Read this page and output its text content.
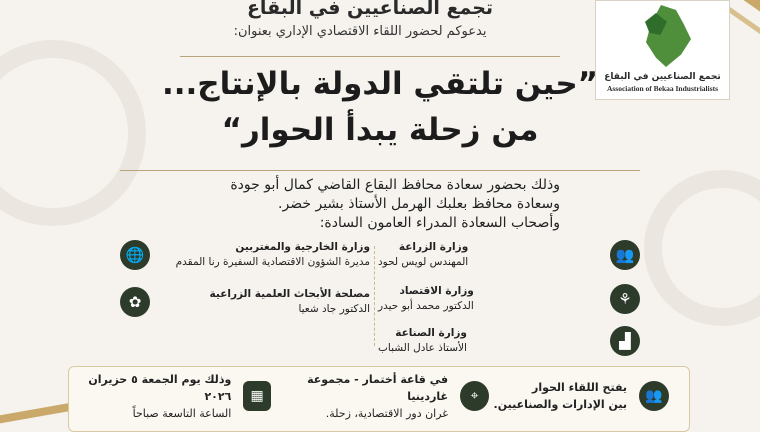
تجمع الصناعيين في البقاع
Association of Bekaa Industrialists
تجمع الصناعيين في البقاع
يدعوكم لحضور اللقاء الاقتصادي الإداري بعنوان:
”حين تلتقي الدولة بالإنتاج...
من زحلة يبدأ الحوار“
وذلك بحضور سعادة محافظ البقاع القاضي كمال أبو جودة
وسعادة محافظ بعلبك الهرمل الأستاذ بشير خضر.
وأصحاب السعادة المدراء العامون السادة:
وزارة الزراعة
المهندس لويس لحود	👥
وزارة الاقتصاد
الدكتور محمد أبو حيدر	⚘
وزارة الصناعة
الأستاذ عادل الشباب	▟
🌐	وزارة الخارجية والمغتربين
مديرة الشؤون الاقتصادية السفيرة رنا المقدم
✿	مصلحة الأبحاث العلمية الزراعية
الدكتور جاد شعيا
👥
يفتح اللقاء الحوار
بين الإدارات والصناعيين.
⌖
في قاعة أختمار - مجموعة غاردينيا
غران دور الاقتصادية، زحلة.
▦
وذلك يوم الجمعة ٥ حزيران ٢٠٢٦
الساعة التاسعة صباحاً
